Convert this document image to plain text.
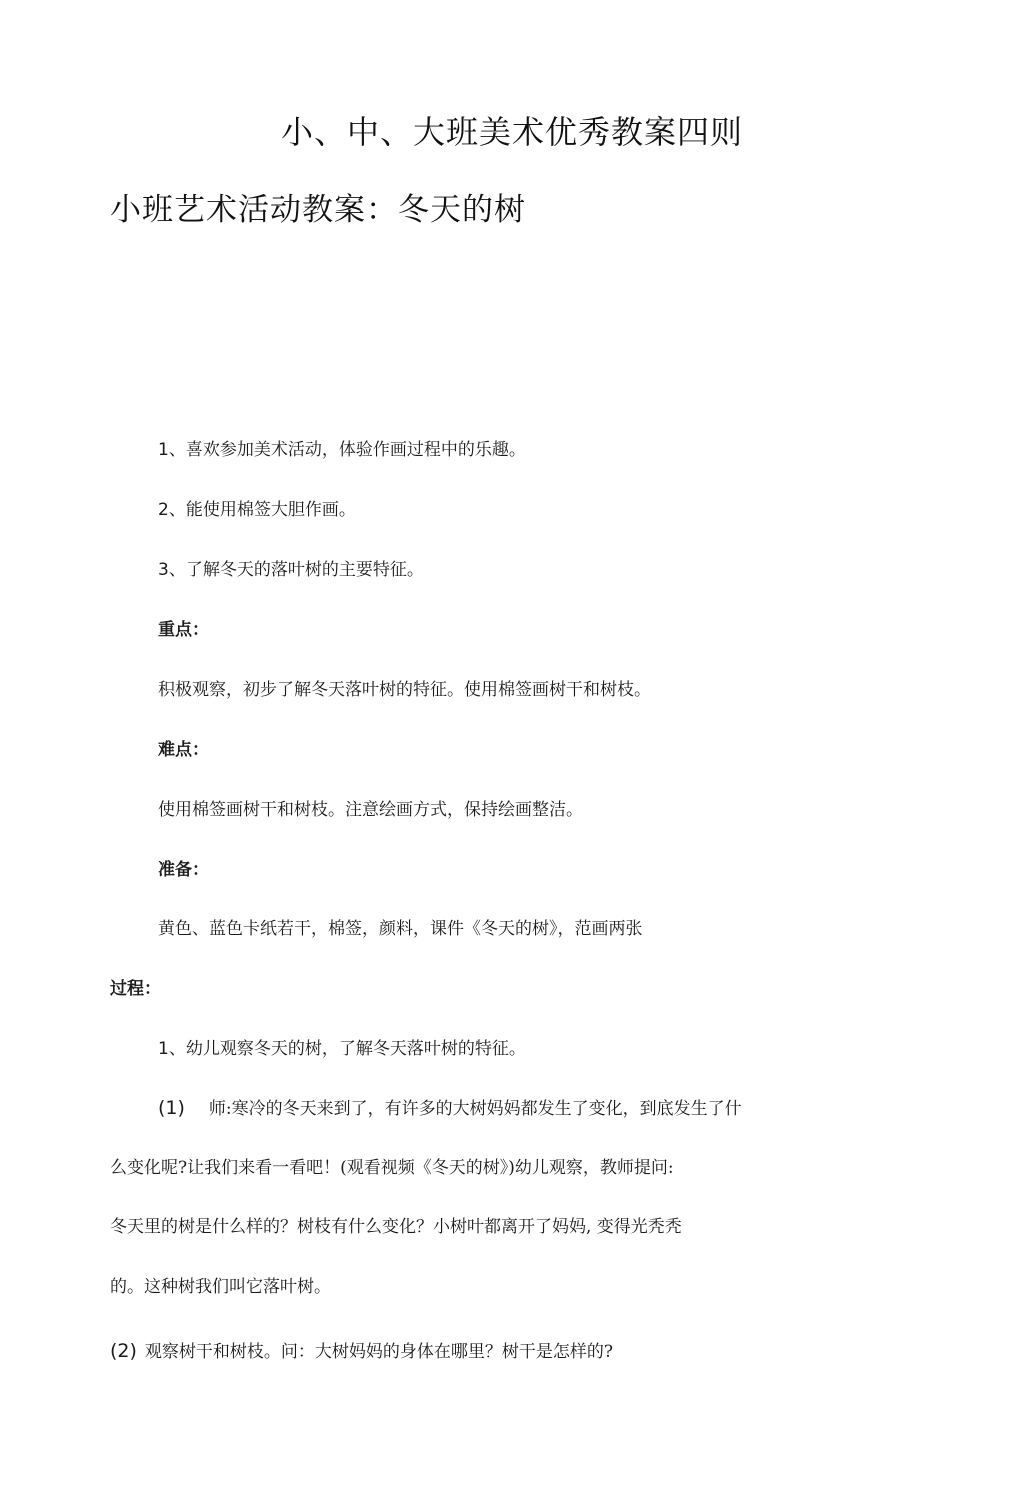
小、中、大班美术优秀教案四则
小班艺术活动教案：冬天的树

1、喜欢参加美术活动，体验作画过程中的乐趣。

2、能使用棉签大胆作画。

3、了解冬天的落叶树的主要特征。

重点：

积极观察，初步了解冬天落叶树的特征。使用棉签画树干和树枝。

难点：

使用棉签画树干和树枝。注意绘画方式，保持绘画整洁。

准备：

黄色、蓝色卡纸若干，棉签，颜料，课件《冬天的树》，范画两张

过程：

1、幼儿观察冬天的树，了解冬天落叶树的特征。

(1) 师:寒冷的冬天来到了，有许多的大树妈妈都发生了变化，到底发生了什

么变化呢?让我们来看一看吧！(观看视频《冬天的树》)幼儿观察，教师提问:

冬天里的树是什么样的？树枝有什么变化？小树叶都离开了妈妈, 变得光秃秃

的。这种树我们叫它落叶树。

(2) 观察树干和树枝。问：大树妈妈的身体在哪里？树干是怎样的?
